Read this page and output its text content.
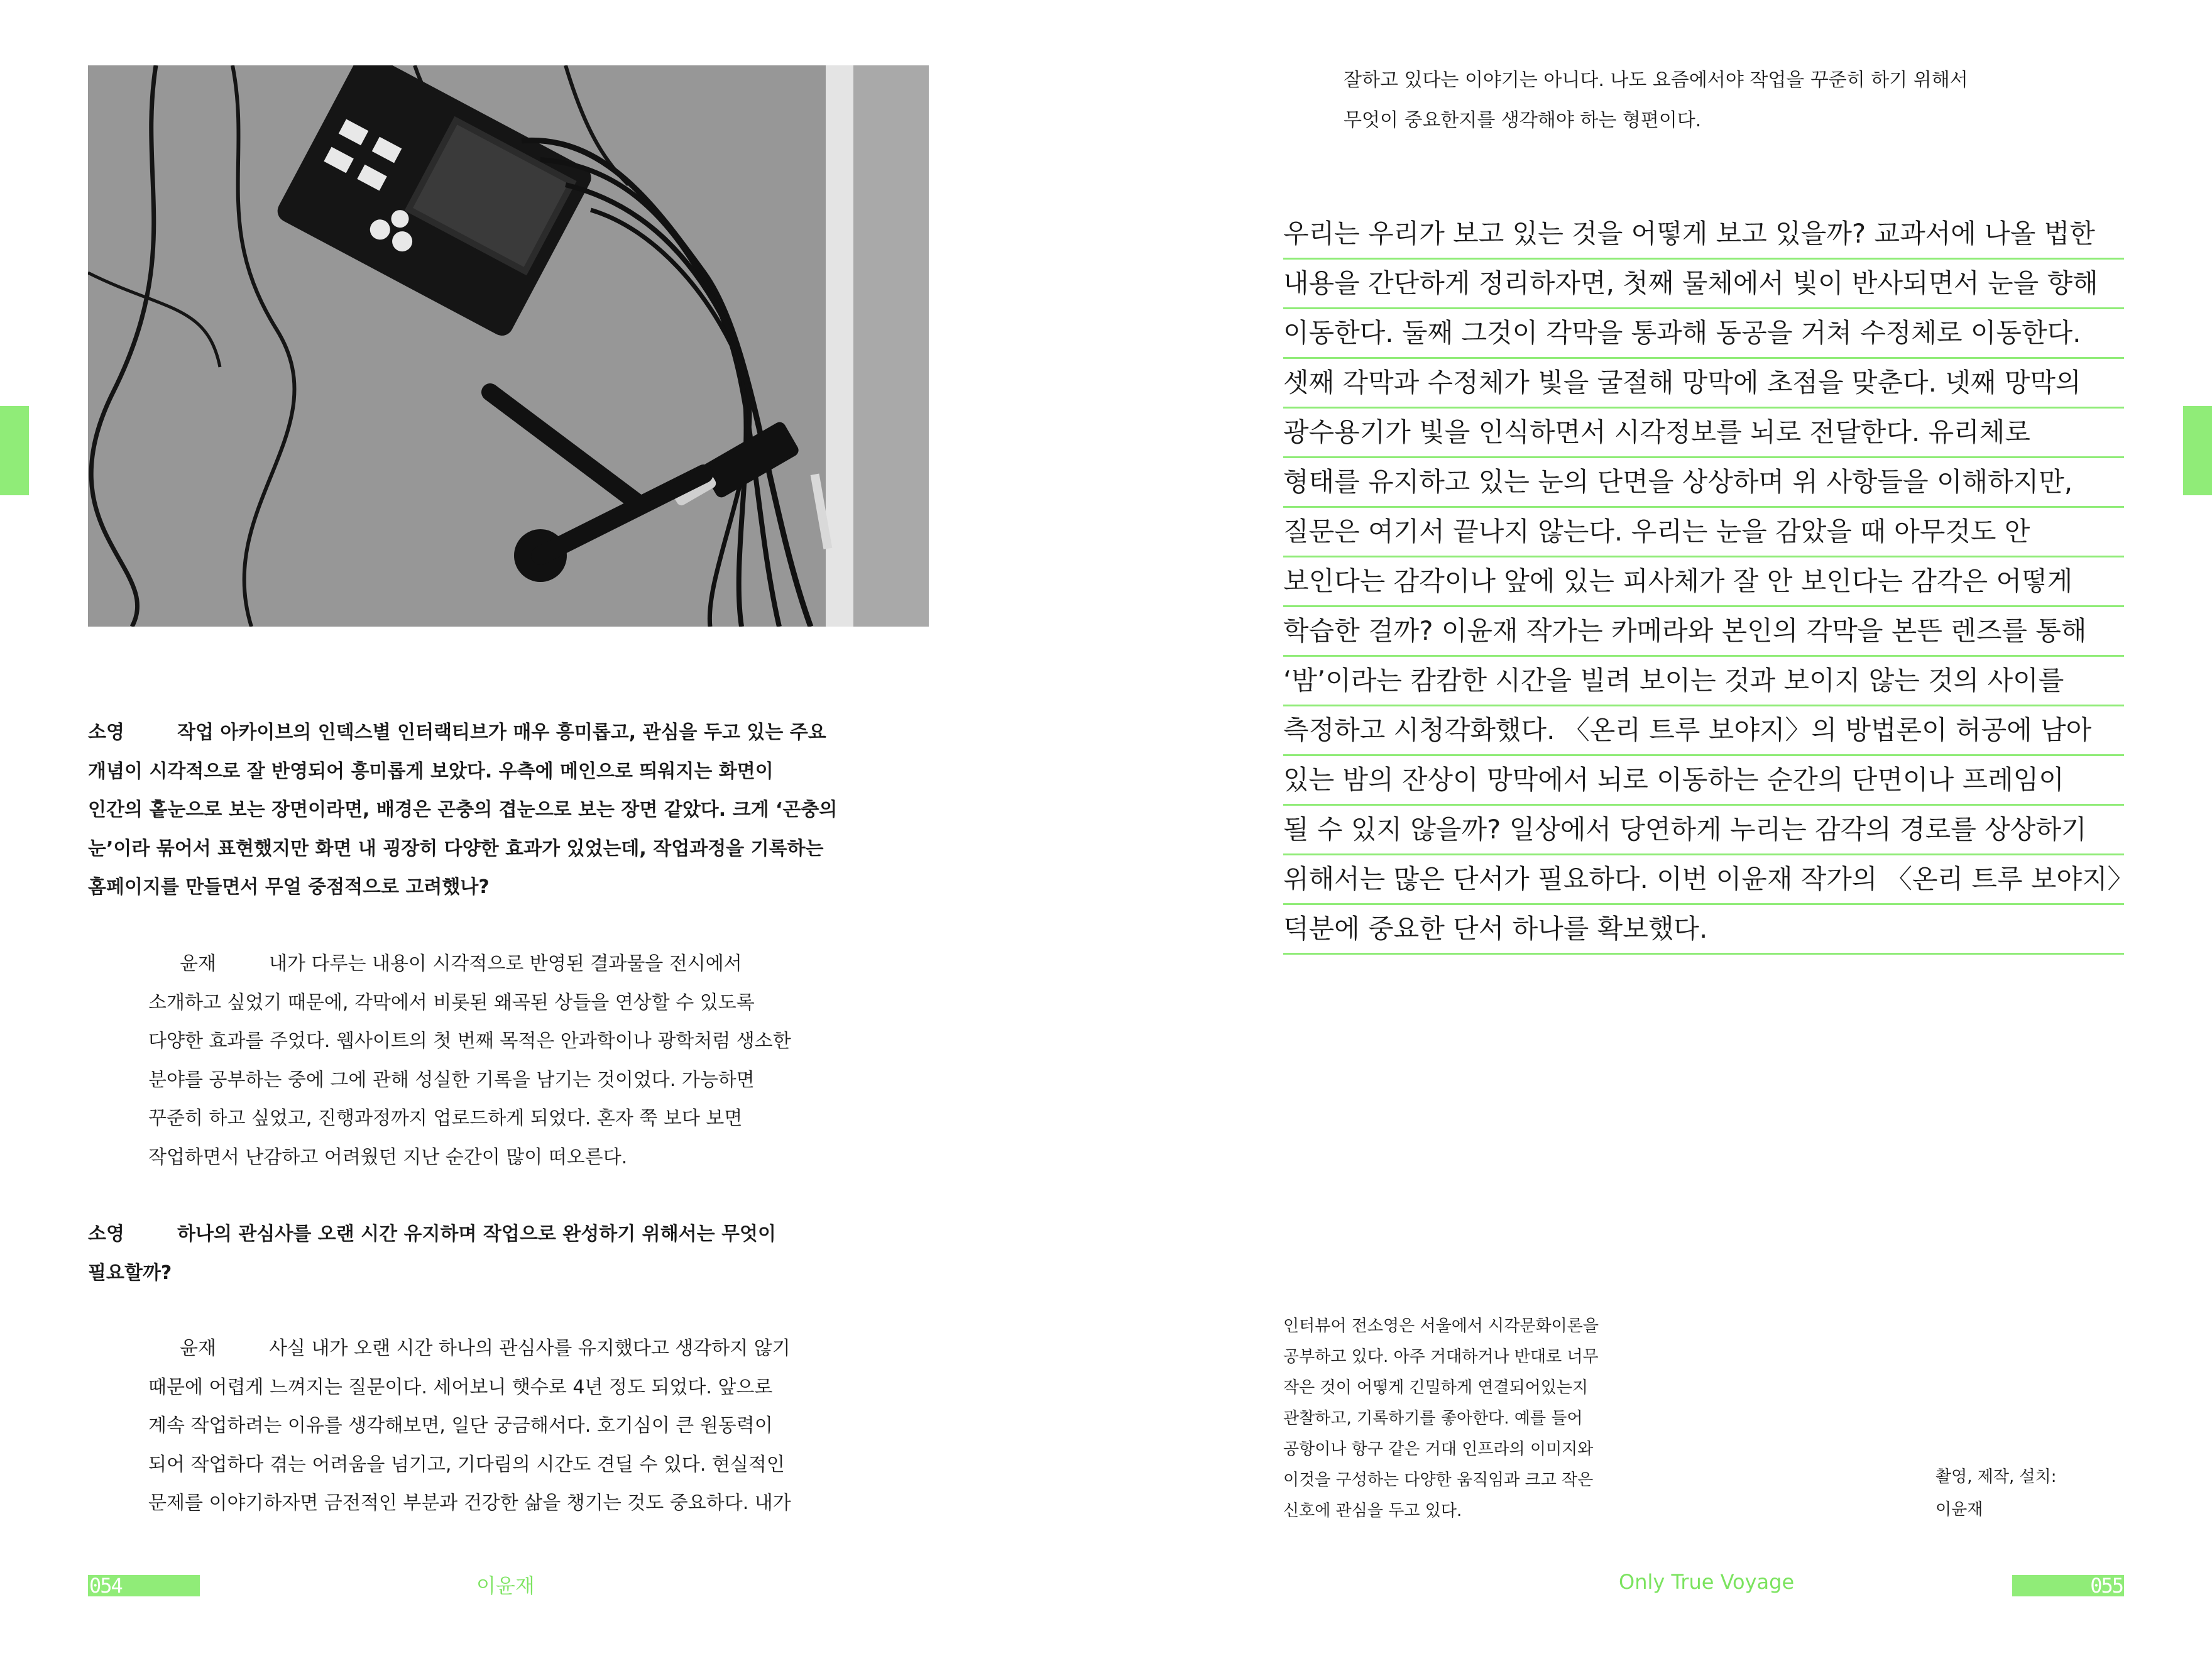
소영	작업 아카이브의 인덱스별 인터랙티브가 매우 흥미롭고, 관심을 두고 있는 주요
개념이 시각적으로 잘 반영되어 흥미롭게 보았다. 우측에 메인으로 띄워지는 화면이
인간의 홑눈으로 보는 장면이라면, 배경은 곤충의 겹눈으로 보는 장면 같았다. 크게 ‘곤충의
눈’이라 묶어서 표현했지만 화면 내 굉장히 다양한 효과가 있었는데, 작업과정을 기록하는
홈페이지를 만들면서 무얼 중점적으로 고려했나?
윤재	내가 다루는 내용이 시각적으로 반영된 결과물을 전시에서
소개하고 싶었기 때문에, 각막에서 비롯된 왜곡된 상들을 연상할 수 있도록
다양한 효과를 주었다. 웹사이트의 첫 번째 목적은 안과학이나 광학처럼 생소한
분야를 공부하는 중에 그에 관해 성실한 기록을 남기는 것이었다. 가능하면
꾸준히 하고 싶었고, 진행과정까지 업로드하게 되었다. 혼자 쭉 보다 보면
작업하면서 난감하고 어려웠던 지난 순간이 많이 떠오른다.
소영	하나의 관심사를 오랜 시간 유지하며 작업으로 완성하기 위해서는 무엇이
필요할까?
윤재	사실 내가 오랜 시간 하나의 관심사를 유지했다고 생각하지 않기
때문에 어렵게 느껴지는 질문이다. 세어보니 햇수로 4년 정도 되었다. 앞으로
계속 작업하려는 이유를 생각해보면, 일단 궁금해서다. 호기심이 큰 원동력이
되어 작업하다 겪는 어려움을 넘기고, 기다림의 시간도 견딜 수 있다. 현실적인
문제를 이야기하자면 금전적인 부분과 건강한 삶을 챙기는 것도 중요하다. 내가
054	이윤재
잘하고 있다는 이야기는 아니다. 나도 요즘에서야 작업을 꾸준히 하기 위해서
무엇이 중요한지를 생각해야 하는 형편이다.
우리는 우리가 보고 있는 것을 어떻게 보고 있을까? 교과서에 나올 법한
내용을 간단하게 정리하자면, 첫째 물체에서 빛이 반사되면서 눈을 향해
이동한다. 둘째 그것이 각막을 통과해 동공을 거쳐 수정체로 이동한다.
셋째 각막과 수정체가 빛을 굴절해 망막에 초점을 맞춘다. 넷째 망막의
광수용기가 빛을 인식하면서 시각정보를 뇌로 전달한다. 유리체로
형태를 유지하고 있는 눈의 단면을 상상하며 위 사항들을 이해하지만,
질문은 여기서 끝나지 않는다. 우리는 눈을 감았을 때 아무것도 안
보인다는 감각이나 앞에 있는 피사체가 잘 안 보인다는 감각은 어떻게
학습한 걸까? 이윤재 작가는 카메라와 본인의 각막을 본뜬 렌즈를 통해
‘밤’이라는 캄캄한 시간을 빌려 보이는 것과 보이지 않는 것의 사이를
측정하고 시청각화했다. 〈온리 트루 보야지〉의 방법론이 허공에 남아
있는 밤의 잔상이 망막에서 뇌로 이동하는 순간의 단면이나 프레임이
될 수 있지 않을까? 일상에서 당연하게 누리는 감각의 경로를 상상하기
위해서는 많은 단서가 필요하다. 이번 이윤재 작가의 〈온리 트루 보야지〉
덕분에 중요한 단서 하나를 확보했다.
인터뷰어 전소영은 서울에서 시각문화이론을
공부하고 있다. 아주 거대하거나 반대로 너무
작은 것이 어떻게 긴밀하게 연결되어있는지
관찰하고, 기록하기를 좋아한다. 예를 들어
공항이나 항구 같은 거대 인프라의 이미지와
이것을 구성하는 다양한 움직임과 크고 작은
신호에 관심을 두고 있다.
촬영, 제작, 설치:
이윤재
Only True Voyage	055
